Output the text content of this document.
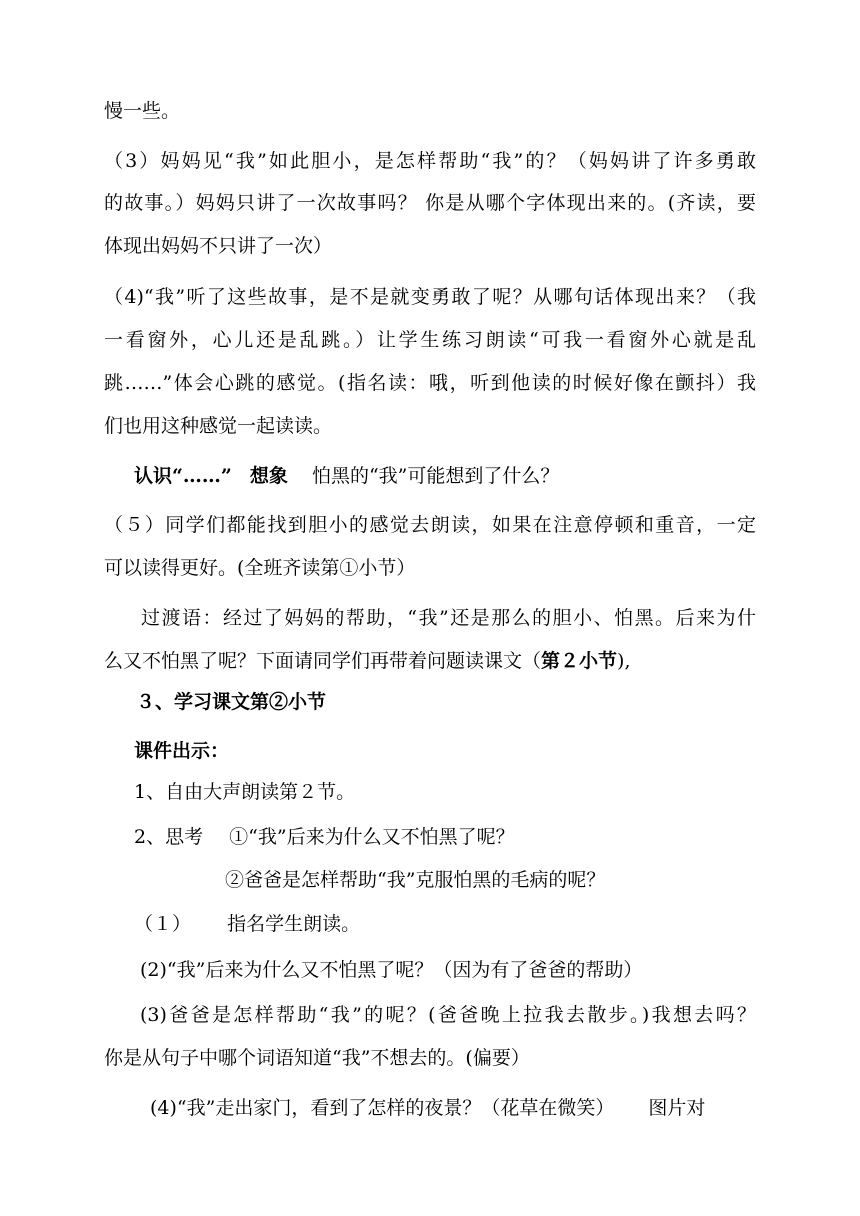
慢一些。
（3）妈妈见“我”如此胆小，是怎样帮助“我”的？（妈妈讲了许多勇敢
的故事。）妈妈只讲了一次故事吗？ 你是从哪个字体现出来的。(齐读，要
体现出妈妈不只讲了一次）
（4)“我”听了这些故事，是不是就变勇敢了呢？从哪句话体现出来？（我
一看窗外，心儿还是乱跳。）让学生练习朗读“可我一看窗外心就是乱
跳……”体会心跳的感觉。(指名读：哦，听到他读的时候好像在颤抖）我
们也用这种感觉一起读读。
认识“……” 想象 怕黑的“我”可能想到了什么？
（５）同学们都能找到胆小的感觉去朗读，如果在注意停顿和重音，一定
可以读得更好。(全班齐读第①小节）
过渡语：经过了妈妈的帮助，“我”还是那么的胆小、怕黑。后来为什
么又不怕黑了呢？下面请同学们再带着问题读课文（第２小节),
３、学习课文第②小节
课件出示：
1、自由大声朗读第２节。
2、思考 ①“我”后来为什么又不怕黑了呢？
②爸爸是怎样帮助“我”克服怕黑的毛病的呢？
（１） 指名学生朗读。
(2)“我”后来为什么又不怕黑了呢？（因为有了爸爸的帮助）
(3)爸爸是怎样帮助“我”的呢？(爸爸晚上拉我去散步。)我想去吗？
你是从句子中哪个词语知道“我”不想去的。(偏要）
(4)“我”走出家门，看到了怎样的夜景？（花草在微笑） 图片对
